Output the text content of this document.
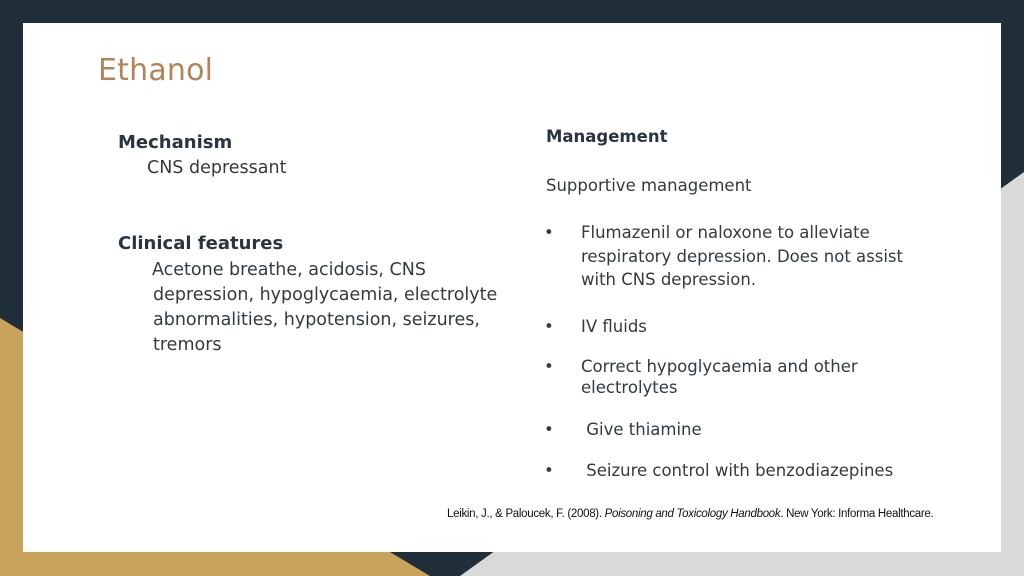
Ethanol
Mechanism
CNS depressant
Clinical features
Acetone breathe, acidosis, CNS
depression, hypoglycaemia, electrolyte
abnormalities, hypotension, seizures,
tremors
Management
Supportive management
• Flumazenil or naloxone to alleviate respiratory depression. Does not assist with CNS depression.
• IV fluids
• Correct hypoglycaemia and other electrolytes
• Give thiamine
• Seizure control with benzodiazepines
Leikin, J., & Paloucek, F. (2008). Poisoning and Toxicology Handbook. New York: Informa Healthcare.
